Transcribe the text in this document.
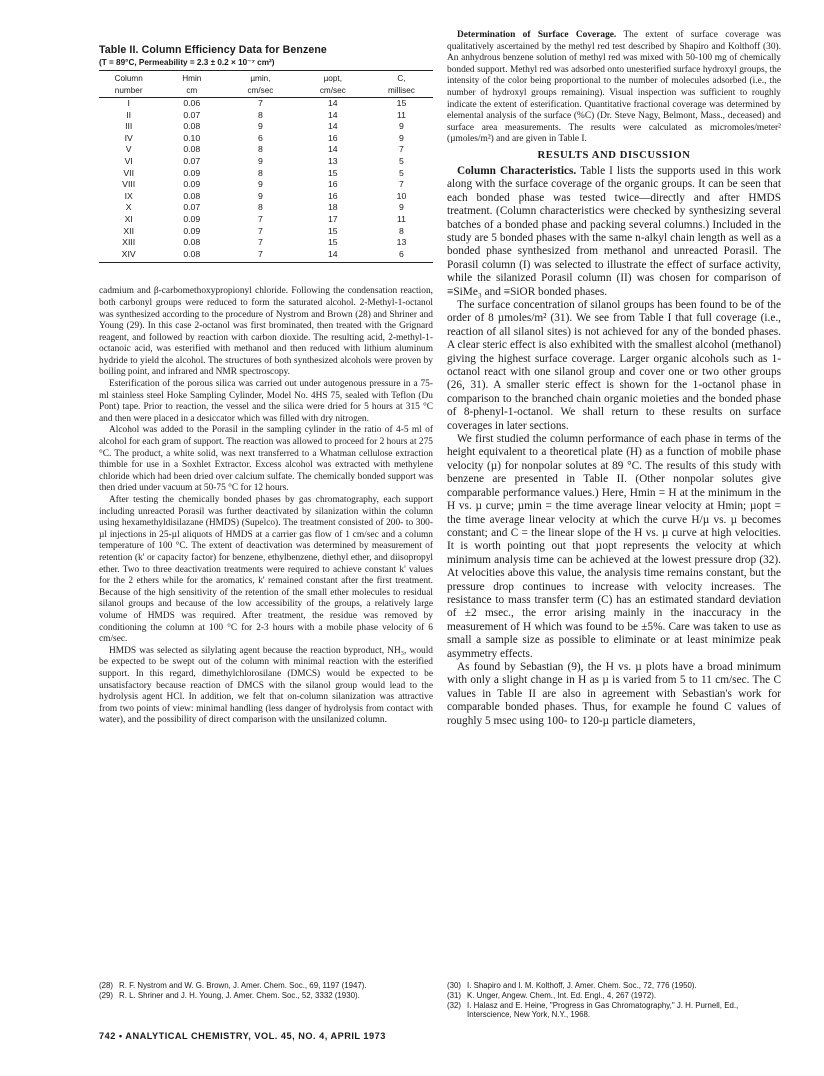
Table II. Column Efficiency Data for Benzene
(T = 89°C, Permeability = 2.3 ± 0.2 × 10⁻⁷ cm²)
Column	Hmin	µmin,	µopt,	C,
number	cm	cm/sec	cm/sec	millisec
I	0.06	7	14	15
II	0.07	8	14	11
III	0.08	9	14	9
IV	0.10	6	16	9
V	0.08	8	14	7
VI	0.07	9	13	5
VII	0.09	8	15	5
VIII	0.09	9	16	7
IX	0.08	9	16	10
X	0.07	8	18	9
XI	0.09	7	17	11
XII	0.09	7	15	8
XIII	0.08	7	15	13
XIV	0.08	7	14	6

cadmium and β-carbomethoxypropionyl chloride. Following the condensation reaction, both carbonyl groups were reduced to form the saturated alcohol. 2-Methyl-1-octanol was synthesized according to the procedure of Nystrom and Brown (28) and Shriner and Young (29). In this case 2-octanol was first brominated, then treated with the Grignard reagent, and followed by reaction with carbon dioxide. The resulting acid, 2-methyl-1-octanoic acid, was esterified with methanol and then reduced with lithium aluminum hydride to yield the alcohol. The structures of both synthesized alcohols were proven by boiling point, and infrared and NMR spectroscopy.

Esterification of the porous silica was carried out under autogenous pressure in a 75-ml stainless steel Hoke Sampling Cylinder, Model No. 4HS 75, sealed with Teflon (Du Pont) tape. Prior to reaction, the vessel and the silica were dried for 5 hours at 315 °C and then were placed in a desiccator which was filled with dry nitrogen.

Alcohol was added to the Porasil in the sampling cylinder in the ratio of 4-5 ml of alcohol for each gram of support. The reaction was allowed to proceed for 2 hours at 275 °C. The product, a white solid, was next transferred to a Whatman cellulose extraction thimble for use in a Soxhlet Extractor. Excess alcohol was extracted with methylene chloride which had been dried over calcium sulfate. The chemically bonded support was then dried under vacuum at 50-75 °C for 12 hours.

After testing the chemically bonded phases by gas chromatography, each support including unreacted Porasil was further deactivated by silanization within the column using hexamethyldisilazane (HMDS) (Supelco). The treatment consisted of 200- to 300-µl injections in 25-µl aliquots of HMDS at a carrier gas flow of 1 cm/sec and a column temperature of 100 °C. The extent of deactivation was determined by measurement of retention (k' or capacity factor) for benzene, ethylbenzene, diethyl ether, and diisopropyl ether. Two to three deactivation treatments were required to achieve constant k' values for the 2 ethers while for the aromatics, k' remained constant after the first treatment. Because of the high sensitivity of the retention of the small ether molecules to residual silanol groups and because of the low accessibility of the groups, a relatively large volume of HMDS was required. After treatment, the residue was removed by conditioning the column at 100 °C for 2-3 hours with a mobile phase velocity of 6 cm/sec.

HMDS was selected as silylating agent because the reaction byproduct, NH₃, would be expected to be swept out of the column with minimal reaction with the esterified support. In this regard, dimethylchlorosilane (DMCS) would be expected to be unsatisfactory because reaction of DMCS with the silanol group would lead to the hydrolysis agent HCl. In addition, we felt that on-column silanization was attractive from two points of view: minimal handling (less danger of hydrolysis from contact with water), and the possibility of direct comparison with the unsilanized column.

Determination of Surface Coverage. The extent of surface coverage was qualitatively ascertained by the methyl red test described by Shapiro and Kolthoff (30). An anhydrous benzene solution of methyl red was mixed with 50-100 mg of chemically bonded support. Methyl red was adsorbed onto unesterified surface hydroxyl groups, the intensity of the color being proportional to the number of molecules adsorbed (i.e., the number of hydroxyl groups remaining). Visual inspection was sufficient to roughly indicate the extent of esterification. Quantitative fractional coverage was determined by elemental analysis of the surface (%C) (Dr. Steve Nagy, Belmont, Mass., deceased) and surface area measurements. The results were calculated as micromoles/meter² (µmoles/m²) and are given in Table I.

RESULTS AND DISCUSSION

Column Characteristics. Table I lists the supports used in this work along with the surface coverage of the organic groups. It can be seen that each bonded phase was tested twice—directly and after HMDS treatment. (Column characteristics were checked by synthesizing several batches of a bonded phase and packing several columns.) Included in the study are 5 bonded phases with the same n-alkyl chain length as well as a bonded phase synthesized from methanol and unreacted Porasil. The Porasil column (I) was selected to illustrate the effect of surface activity, while the silanized Porasil column (II) was chosen for comparison of ≡SiMe₃ and ≡SiOR bonded phases.

The surface concentration of silanol groups has been found to be of the order of 8 µmoles/m² (31). We see from Table I that full coverage (i.e., reaction of all silanol sites) is not achieved for any of the bonded phases. A clear steric effect is also exhibited with the smallest alcohol (methanol) giving the highest surface coverage. Larger organic alcohols such as 1-octanol react with one silanol group and cover one or two other groups (26, 31). A smaller steric effect is shown for the 1-octanol phase in comparison to the branched chain organic moieties and the bonded phase of 8-phenyl-1-octanol. We shall return to these results on surface coverages in later sections.

We first studied the column performance of each phase in terms of the height equivalent to a theoretical plate (H) as a function of mobile phase velocity (µ) for nonpolar solutes at 89 °C. The results of this study with benzene are presented in Table II. (Other nonpolar solutes give comparable performance values.) Here, Hmin = H at the minimum in the H vs. µ curve; µmin = the time average linear velocity at Hmin; µopt = the time average linear velocity at which the curve H/µ vs. µ becomes constant; and C = the linear slope of the H vs. µ curve at high velocities. It is worth pointing out that µopt represents the velocity at which minimum analysis time can be achieved at the lowest pressure drop (32). At velocities above this value, the analysis time remains constant, but the pressure drop continues to increase with velocity increases. The resistance to mass transfer term (C) has an estimated standard deviation of ±2 msec., the error arising mainly in the inaccuracy in the measurement of H which was found to be ±5%. Care was taken to use as small a sample size as possible to eliminate or at least minimize peak asymmetry effects.

As found by Sebastian (9), the H vs. µ plots have a broad minimum with only a slight change in H as µ is varied from 5 to 11 cm/sec. The C values in Table II are also in agreement with Sebastian's work for comparable bonded phases. Thus, for example he found C values of roughly 5 msec using 100- to 120-µ particle diameters,

(28) R. F. Nystrom and W. G. Brown, J. Amer. Chem. Soc., 69, 1197 (1947).
(29) R. L. Shriner and J. H. Young, J. Amer. Chem. Soc., 52, 3332 (1930).
(30) I. Shapiro and I. M. Kolthoff, J. Amer. Chem. Soc., 72, 776 (1950).
(31) K. Unger, Angew. Chem., Int. Ed. Engl., 4, 267 (1972).
(32) I. Halasz and E. Heine, "Progress in Gas Chromatography," J. H. Purnell, Ed., Interscience, New York, N.Y., 1968.
742 • ANALYTICAL CHEMISTRY, VOL. 45, NO. 4, APRIL 1973
